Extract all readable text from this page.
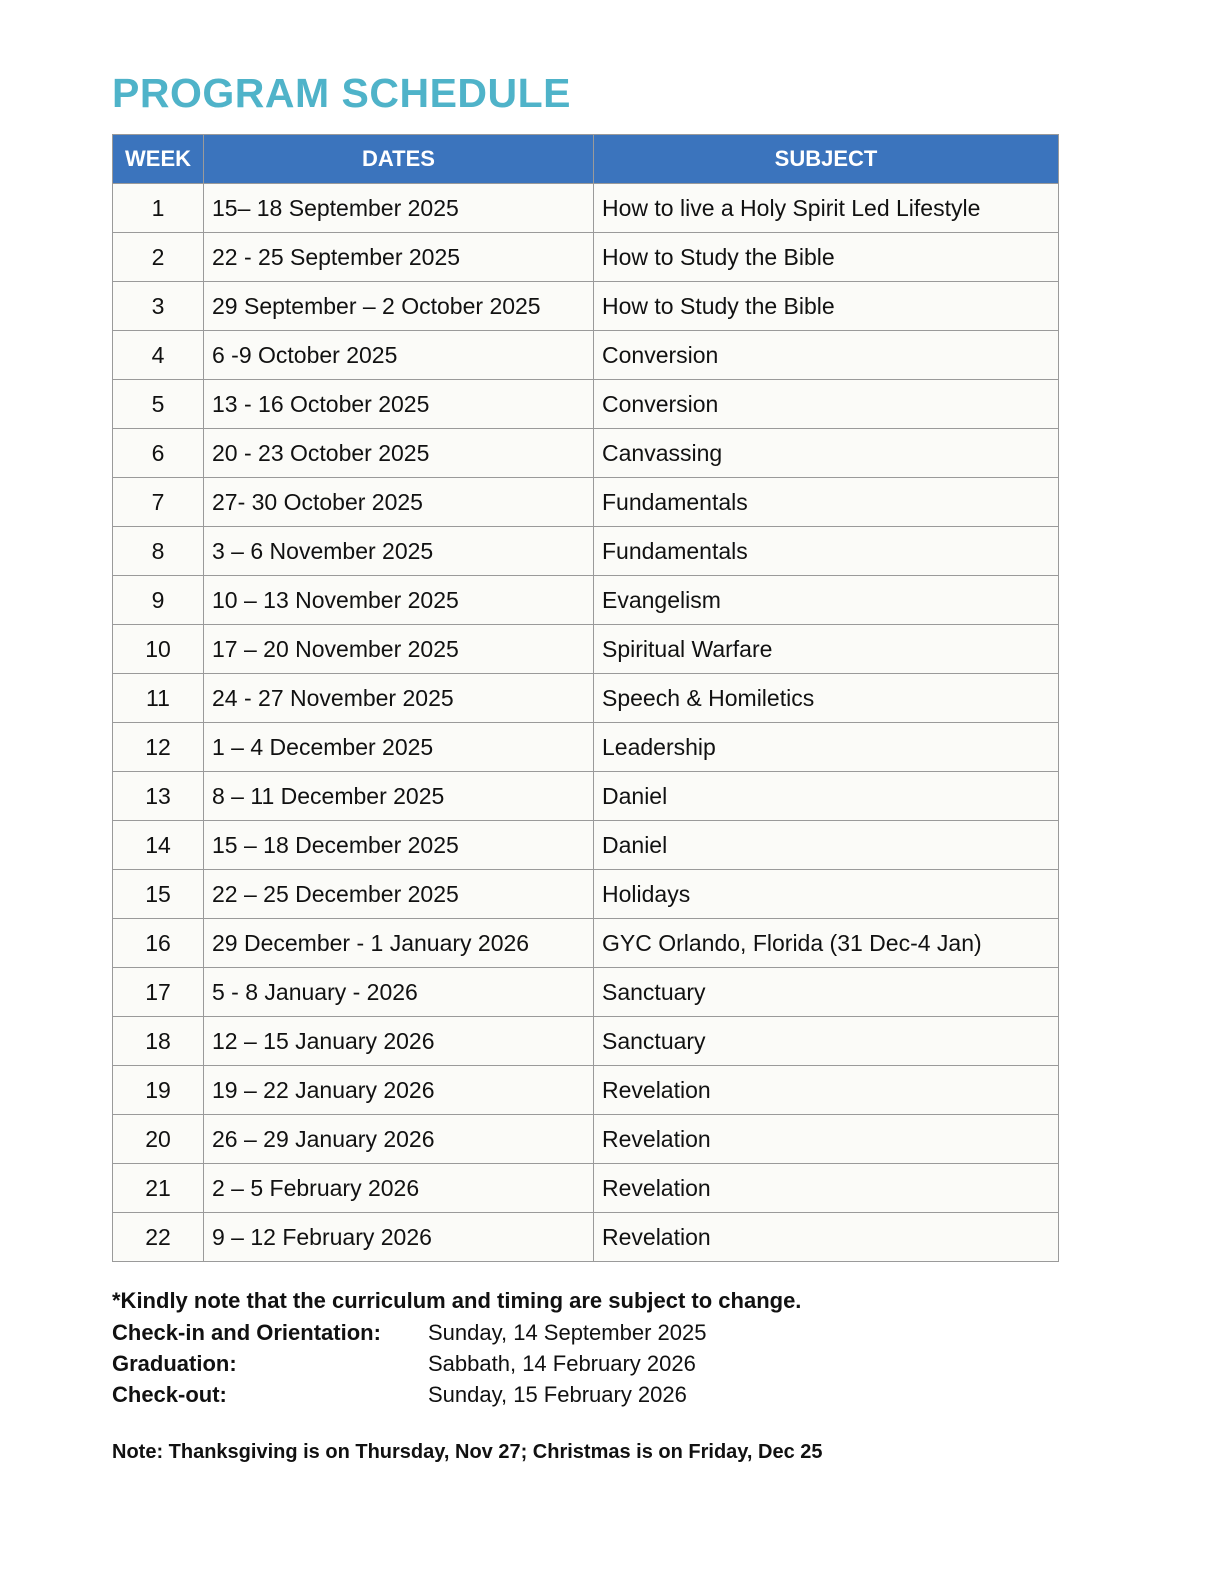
PROGRAM SCHEDULE
WEEK	DATES	SUBJECT
1	15– 18 September 2025	How to live a Holy Spirit Led Lifestyle
2	22 - 25 September 2025	How to Study the Bible
3	29 September – 2 October 2025	How to Study the Bible
4	6 -9 October 2025	Conversion
5	13 - 16 October 2025	Conversion
6	20 - 23 October 2025	Canvassing
7	27- 30 October 2025	Fundamentals
8	3 – 6 November 2025	Fundamentals
9	10 – 13 November 2025	Evangelism
10	17 – 20 November 2025	Spiritual Warfare
11	24 - 27 November 2025	Speech & Homiletics
12	1 – 4 December 2025	Leadership
13	8 – 11 December 2025	Daniel
14	15 – 18 December 2025	Daniel
15	22 – 25 December 2025	Holidays
16	29 December - 1 January 2026	GYC Orlando, Florida (31 Dec-4 Jan)
17	5 - 8 January - 2026	Sanctuary
18	12 – 15 January 2026	Sanctuary
19	19 – 22 January 2026	Revelation
20	26 – 29 January 2026	Revelation
21	2 – 5 February 2026	Revelation
22	9 – 12 February 2026	Revelation
*Kindly note that the curriculum and timing are subject to change.
Check-in and Orientation:	Sunday, 14 September 2025
Graduation:	Sabbath, 14 February 2026
Check-out:	Sunday, 15 February 2026
Note: Thanksgiving is on Thursday, Nov 27; Christmas is on Friday, Dec 25
